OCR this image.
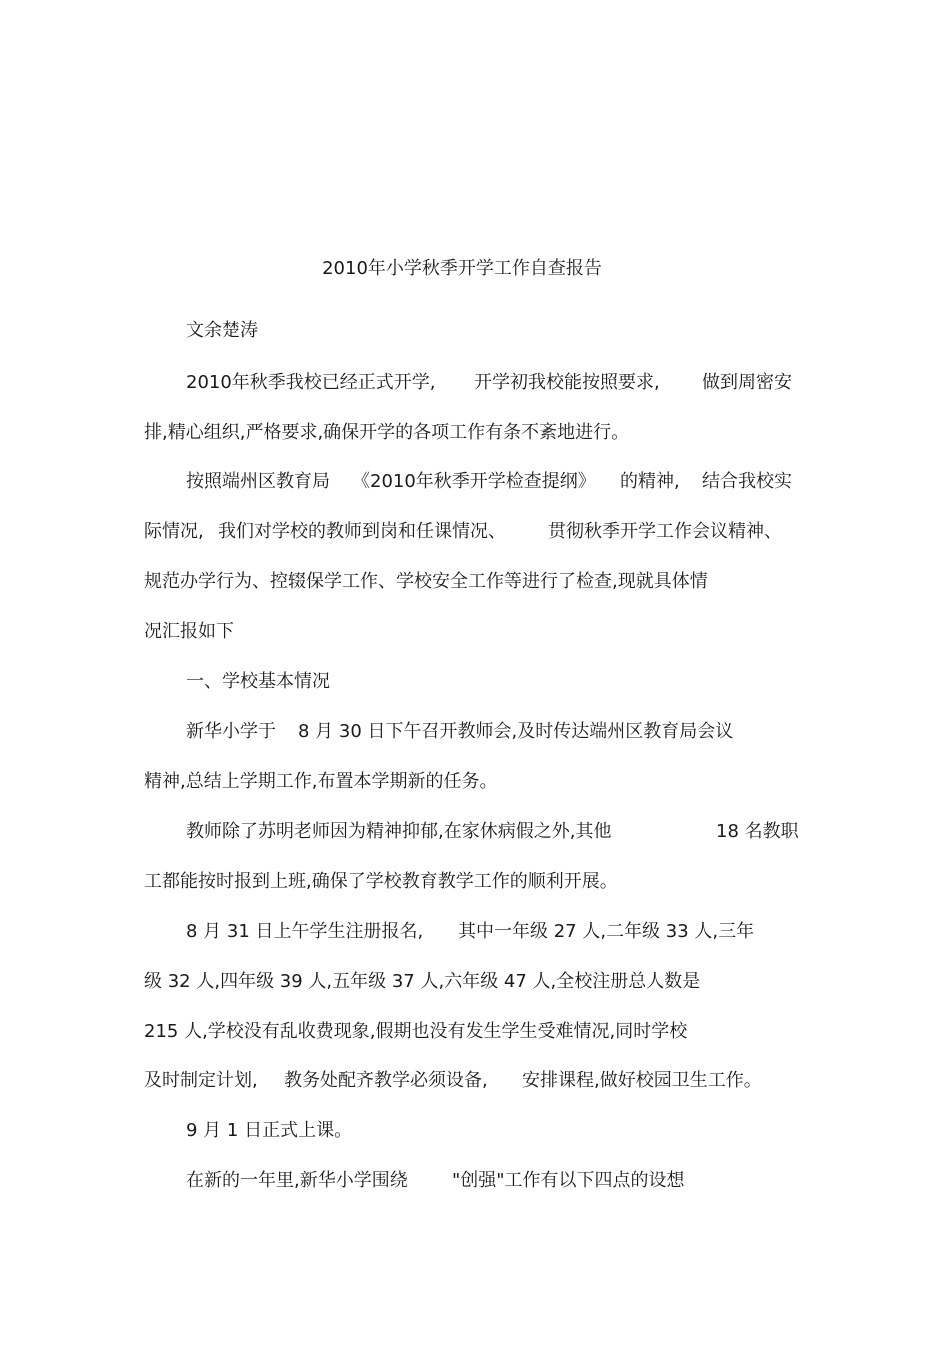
2010年小学秋季开学工作自查报告
文余楚涛
2010年秋季我校已经正式开学, 开学初我校能按照要求, 做到周密安
排,精心组织,严格要求,确保开学的各项工作有条不紊地进行。
按照端州区教育局 《2010年秋季开学检查提纲》 的精神, 结合我校实
际情况, 我们对学校的教师到岗和任课情况、 贯彻秋季开学工作会议精神、
规范办学行为、控辍保学工作、学校安全工作等进行了检查,现就具体情
况汇报如下
一、学校基本情况
新华小学于 8 月 30 日下午召开教师会,及时传达端州区教育局会议
精神,总结上学期工作,布置本学期新的任务。
教师除了苏明老师因为精神抑郁,在家休病假之外,其他	18 名教职
工都能按时报到上班,确保了学校教育教学工作的顺利开展。
8 月 31 日上午学生注册报名, 其中一年级 27 人,二年级 33 人,三年
级 32 人,四年级 39 人,五年级 37 人,六年级 47 人,全校注册总人数是
215 人,学校没有乱收费现象,假期也没有发生学生受难情况,同时学校
及时制定计划, 教务处配齐教学必须设备, 安排课程,做好校园卫生工作。
9 月 1 日正式上课。
在新的一年里,新华小学围绕 "创强"工作有以下四点的设想
